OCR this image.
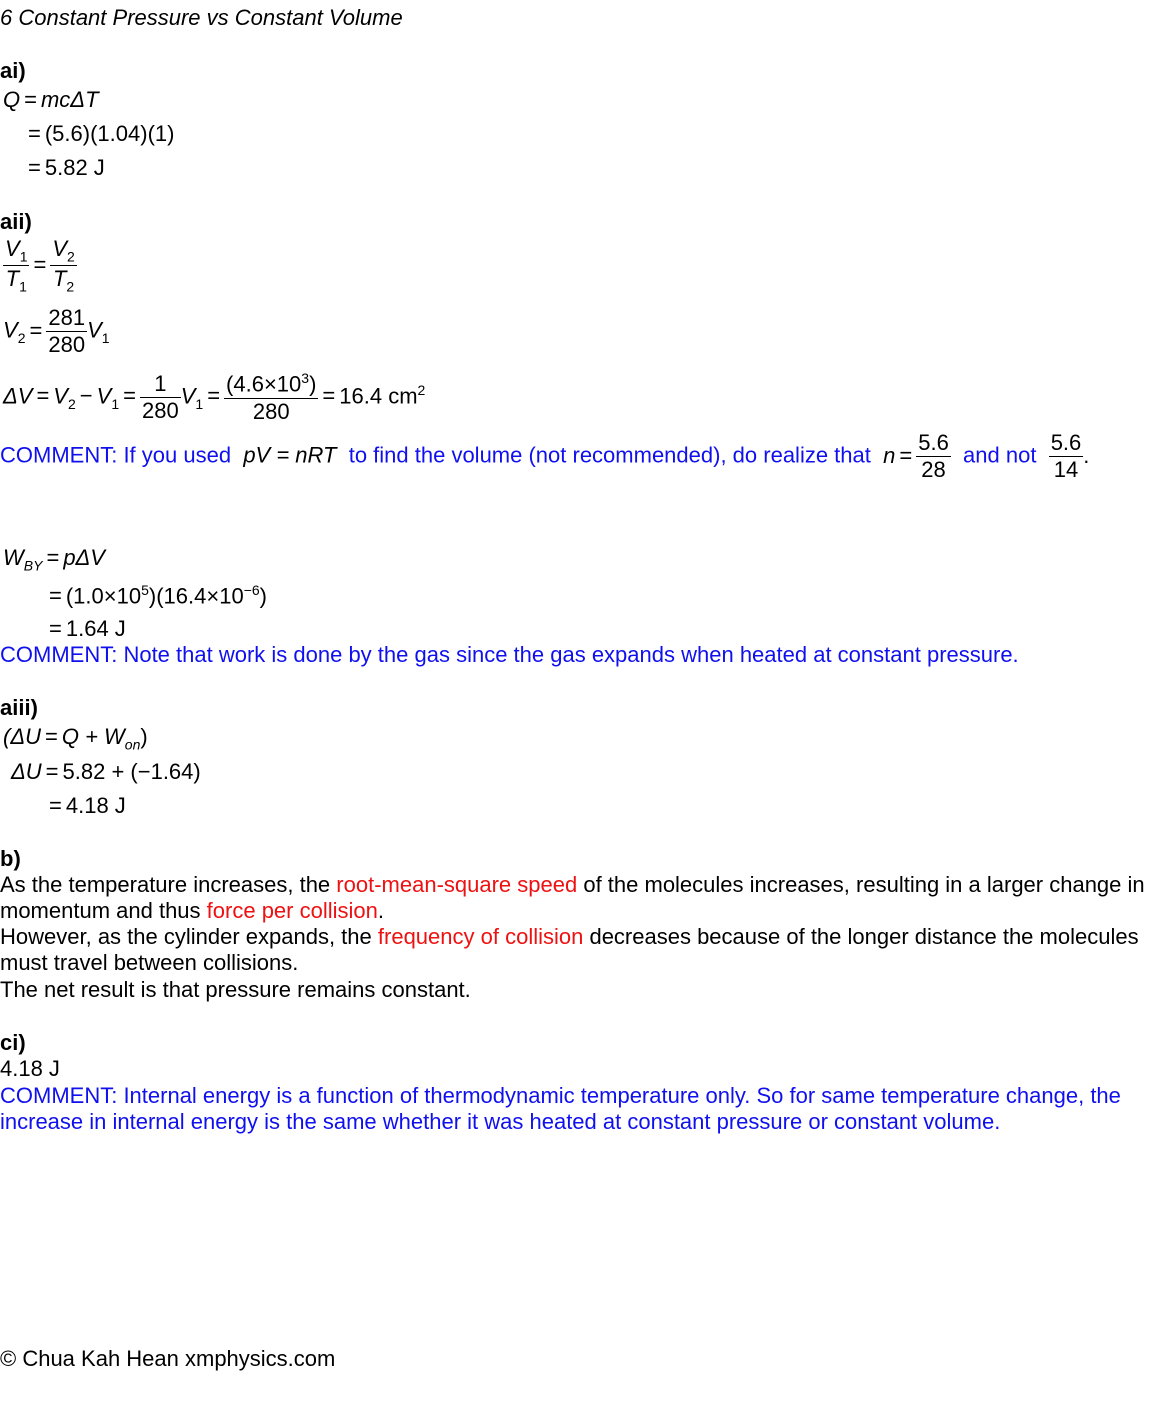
6 Constant Pressure vs Constant Volume
ai)
Q = mcΔT
= (5.6)(1.04)(1)
= 5.82 J
aii)
$\frac{V_1}{T_1} = \frac{V_2}{T_2}$
$V_2 = \frac{281}{280} V_1$
$\Delta V = V_2 - V_1 = \frac{1}{280} V_1 = \frac{(4.6\times 10^3)}{280} = 16.4$ $cm^2$
COMMENT: If you used pV = nRT to find the volume (not recommended), do realize that $n = \frac{5.6}{28}$ and not $\frac{5.6}{14}$ .
$W_{BY} = p\Delta V$
= $(1.0\times 10^5)(16.4\times 10^{-6})$
= 1.64 J
COMMENT: Note that work is done by the gas since the gas expands when heated at constant pressure.
aiii)
$(\Delta U = Q + W_{on})$
ΔU = 5.82 + (−1.64)
= 4.18 J
b)
As the temperature increases, the root-mean-square speed of the molecules increases, resulting in a larger change in momentum and thus force per collision.
However, as the cylinder expands, the frequency of collision decreases because of the longer distance the molecules must travel between collisions.
The net result is that pressure remains constant.
ci)
4.18 J
COMMENT: Internal energy is a function of thermodynamic temperature only. So for same temperature change, the increase in internal energy is the same whether it was heated at constant pressure or constant volume.
© Chua Kah Hean xmphysics.com
